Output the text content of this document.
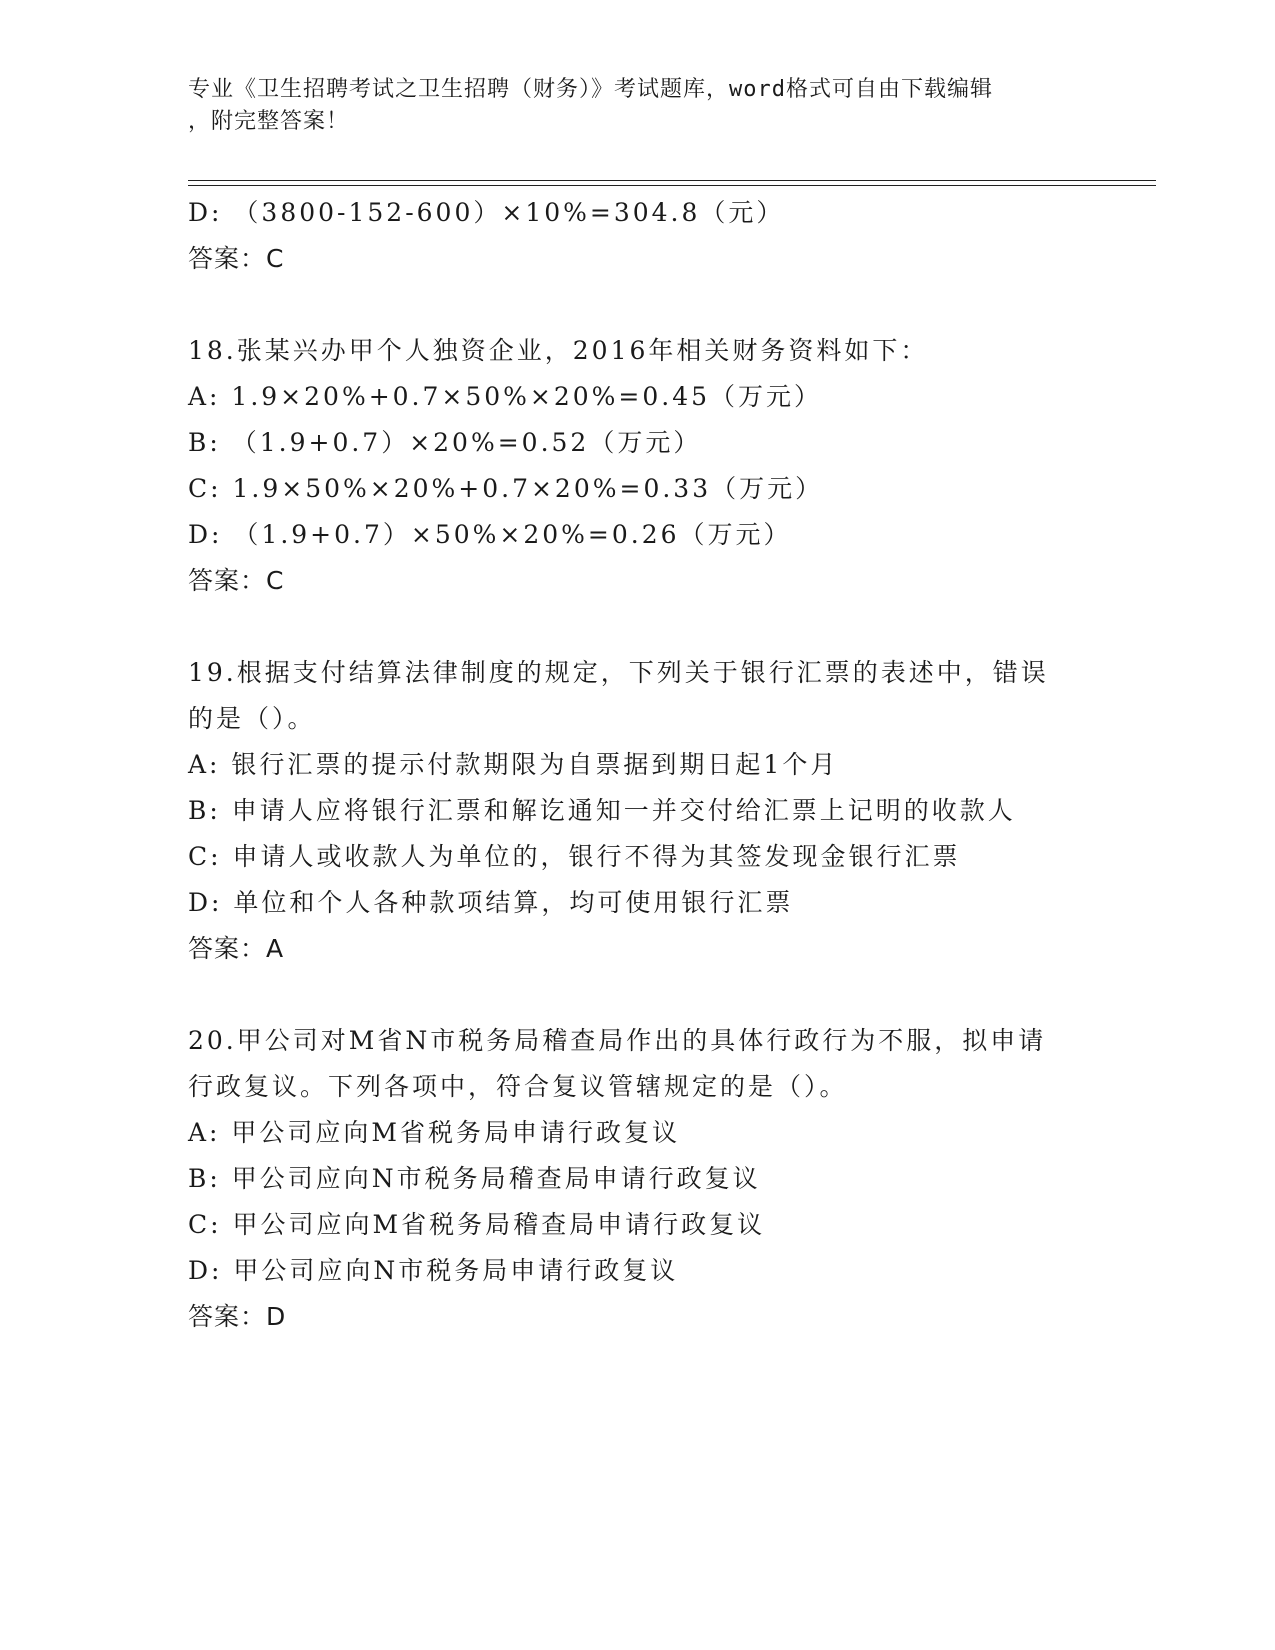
专业《卫生招聘考试之卫生招聘（财务）》考试题库，word格式可自由下载编辑

，附完整答案！

D: （3800-152-600）×10%=304.8（元）
答案：C
18.张某兴办甲个人独资企业，2016年相关财务资料如下：
A: 1.9×20%+0.7×50%×20%=0.45（万元）
B: （1.9+0.7）×20%=0.52（万元）
C: 1.9×50%×20%+0.7×20%=0.33（万元）
D: （1.9+0.7）×50%×20%=0.26（万元）
答案：C
19.根据支付结算法律制度的规定，下列关于银行汇票的表述中，错误
的是（）。
A: 银行汇票的提示付款期限为自票据到期日起1个月
B: 申请人应将银行汇票和解讫通知一并交付给汇票上记明的收款人
C: 申请人或收款人为单位的，银行不得为其签发现金银行汇票
D: 单位和个人各种款项结算，均可使用银行汇票
答案：A
20.甲公司对M省N市税务局稽查局作出的具体行政行为不服，拟申请
行政复议。下列各项中，符合复议管辖规定的是（）。
A: 甲公司应向M省税务局申请行政复议
B: 甲公司应向N市税务局稽查局申请行政复议
C: 甲公司应向M省税务局稽查局申请行政复议
D: 甲公司应向N市税务局申请行政复议
答案：D
